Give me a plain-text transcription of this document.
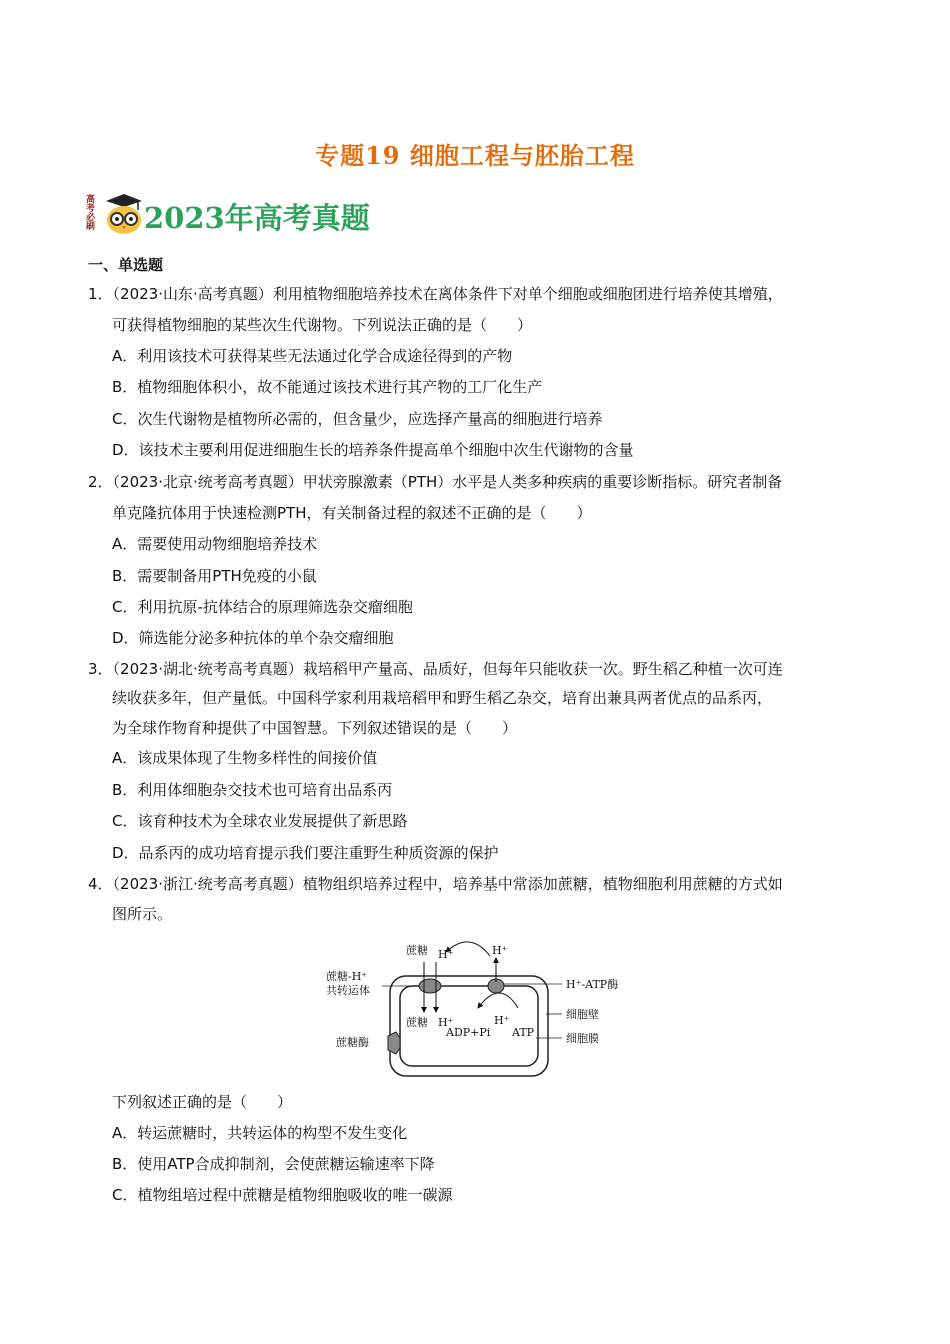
专题19 细胞工程与胚胎工程
高考必刷 2023年高考真题
一、单选题
1．（2023·山东·高考真题）利用植物细胞培养技术在离体条件下对单个细胞或细胞团进行培养使其增殖，
可获得植物细胞的某些次生代谢物。下列说法正确的是（　　）
A．利用该技术可获得某些无法通过化学合成途径得到的产物
B．植物细胞体积小，故不能通过该技术进行其产物的工厂化生产
C．次生代谢物是植物所必需的，但含量少，应选择产量高的细胞进行培养
D．该技术主要利用促进细胞生长的培养条件提高单个细胞中次生代谢物的含量
2．（2023·北京·统考高考真题）甲状旁腺激素（PTH）水平是人类多种疾病的重要诊断指标。研究者制备
单克隆抗体用于快速检测PTH，有关制备过程的叙述不正确的是（　　）
A．需要使用动物细胞培养技术
B．需要制备用PTH免疫的小鼠
C．利用抗原-抗体结合的原理筛选杂交瘤细胞
D．筛选能分泌多种抗体的单个杂交瘤细胞
3．（2023·湖北·统考高考真题）栽培稻甲产量高、品质好，但每年只能收获一次。野生稻乙种植一次可连
续收获多年，但产量低。中国科学家利用栽培稻甲和野生稻乙杂交，培育出兼具两者优点的品系丙，
为全球作物育种提供了中国智慧。下列叙述错误的是（　　）
A．该成果体现了生物多样性的间接价值
B．利用体细胞杂交技术也可培育出品系丙
C．该育种技术为全球农业发展提供了新思路
D．品系丙的成功培育提示我们要注重野生种质资源的保护
4．（2023·浙江·统考高考真题）植物组织培养过程中，培养基中常添加蔗糖，植物细胞利用蔗糖的方式如
图所示。
蔗糖 H⁺	H⁺
蔗糖-H⁺
共转运体	H⁺-ATP酶
细胞壁
细胞膜
蔗糖酶
蔗糖 H⁺	H⁺
ADP+Pi ATP
下列叙述正确的是（　　）
A．转运蔗糖时，共转运体的构型不发生变化
B．使用ATP合成抑制剂，会使蔗糖运输速率下降
C．植物组培过程中蔗糖是植物细胞吸收的唯一碳源
